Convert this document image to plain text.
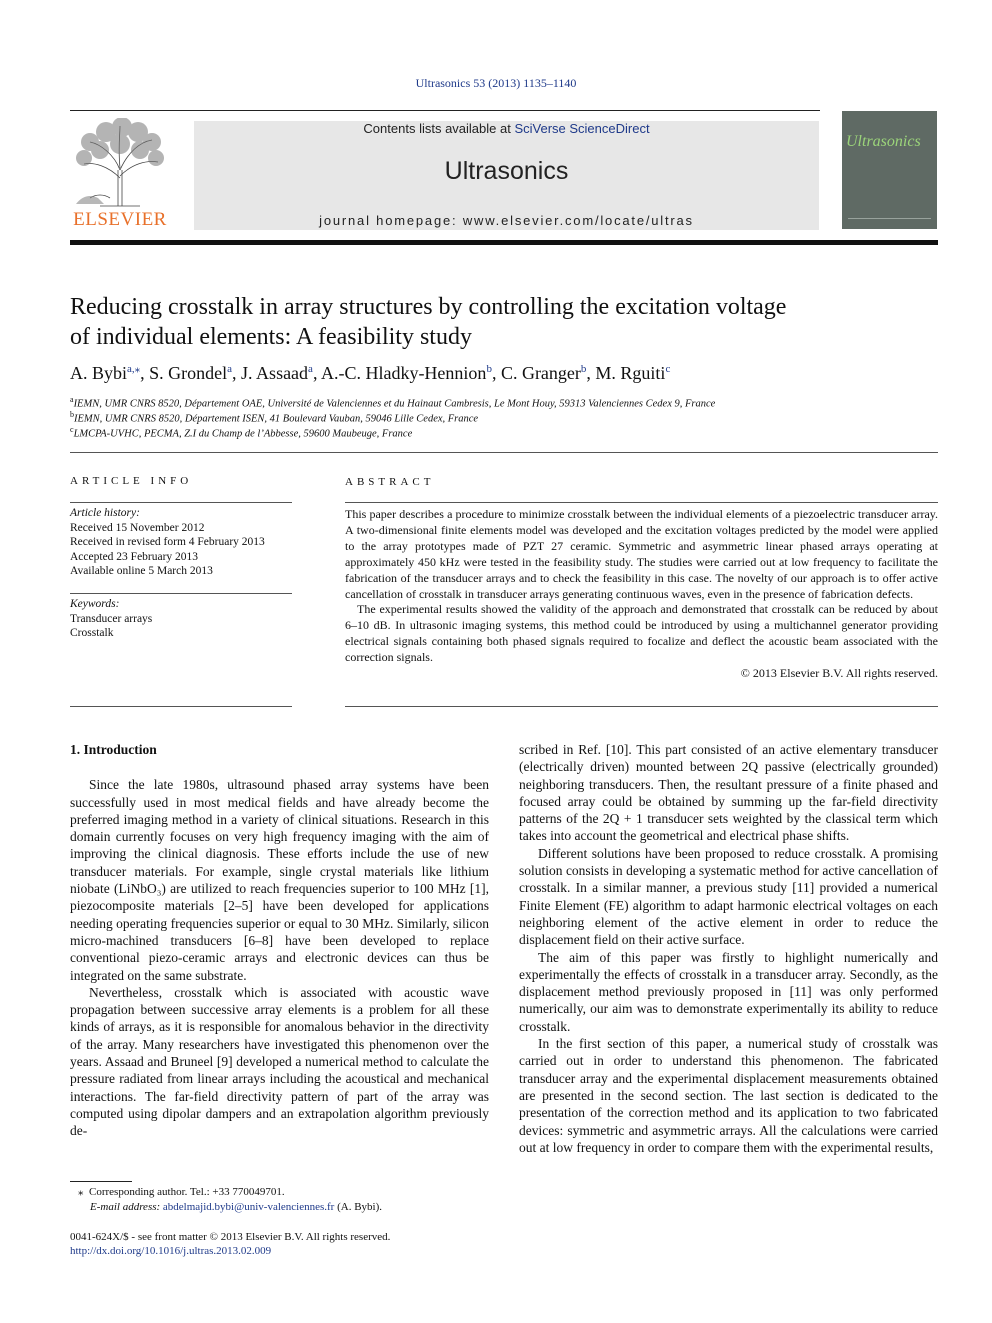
Ultrasonics 53 (2013) 1135–1140
ELSEVIER
Contents lists available at SciVerse ScienceDirect
Ultrasonics
journal homepage: www.elsevier.com/locate/ultras
Ultrasonics
Reducing crosstalk in array structures by controlling the excitation voltage
of individual elements: A feasibility study
A. Bybi$^{a,⁎}$, S. Grondel$^a$, J. Assaad$^a$, A.-C. Hladky-Hennion$^b$, C. Granger$^b$, M. Rguiti$^c$
$^a$IEMN, UMR CNRS 8520, Département OAE, Université de Valenciennes et du Hainaut Cambresis, Le Mont Houy, 59313 Valenciennes Cedex 9, France
$^b$IEMN, UMR CNRS 8520, Département ISEN, 41 Boulevard Vauban, 59046 Lille Cedex, France
$^c$LMCPA-UVHC, PECMA, Z.I du Champ de l’Abbesse, 59600 Maubeuge, France
ARTICLE INFO
Article history:
Received 15 November 2012
Received in revised form 4 February 2013
Accepted 23 February 2013
Available online 5 March 2013
Keywords:
Transducer arrays
Crosstalk
ABSTRACT

This paper describes a procedure to minimize crosstalk between the individual elements of a piezoelectric transducer array. A two-dimensional finite elements model was developed and the excitation voltages predicted by the model were applied to the array prototypes made of PZT 27 ceramic. Symmetric and asymmetric linear phased arrays operating at approximately 450 kHz were tested in the feasibility study. The studies were carried out at low frequency to facilitate the fabrication of the transducer arrays and to check the feasibility in this case. The novelty of our approach is to offer active cancellation of crosstalk in transducer arrays generating continuous waves, even in the presence of fabrication defects.

The experimental results showed the validity of the approach and demonstrated that crosstalk can be reduced by about 6–10 dB. In ultrasonic imaging systems, this method could be introduced by using a multichannel generator providing electrical signals containing both phased signals required to focalize and deflect the acoustic beam associated with the correction signals.

© 2013 Elsevier B.V. All rights reserved.
1. Introduction

Since the late 1980s, ultrasound phased array systems have been successfully used in most medical fields and have already become the preferred imaging method in a variety of clinical situations. Research in this domain currently focuses on very high frequency imaging with the aim of improving the clinical diagnosis. These efforts include the use of new transducer materials. For example, single crystal materials like lithium niobate (LiNbO₃) are utilized to reach frequencies superior to 100 MHz [1], piezocomposite materials [2–5] have been developed for applications needing operating frequencies superior or equal to 30 MHz. Similarly, silicon micro-machined transducers [6–8] have been developed to replace conventional piezo-ceramic arrays and electronic devices can thus be integrated on the same substrate.

Nevertheless, crosstalk which is associated with acoustic wave propagation between successive array elements is a problem for all these kinds of arrays, as it is responsible for anomalous behavior in the directivity of the array. Many researchers have investigated this phenomenon over the years. Assaad and Bruneel [9] developed a numerical method to calculate the pressure radiated from linear arrays including the acoustical and mechanical interactions. The far-field directivity pattern of part of the array was computed using dipolar dampers and an extrapolation algorithm previously de-

scribed in Ref. [10]. This part consisted of an active elementary transducer (electrically driven) mounted between 2Q passive (electrically grounded) neighboring transducers. Then, the resultant pressure of a finite phased and focused array could be obtained by summing up the far-field directivity patterns of the 2Q + 1 transducer sets weighted by the classical term which takes into account the geometrical and electrical phase shifts.

Different solutions have been proposed to reduce crosstalk. A promising solution consists in developing a systematic method for active cancellation of crosstalk. In a similar manner, a previous study [11] provided a numerical Finite Element (FE) algorithm to adapt harmonic electrical voltages on each neighboring element of the active element in order to reduce the displacement field on their active surface.

The aim of this paper was firstly to highlight numerically and experimentally the effects of crosstalk in a transducer array. Secondly, as the displacement method previously proposed in [11] was only performed numerically, our aim was to demonstrate experimentally its ability to reduce crosstalk.

In the first section of this paper, a numerical study of crosstalk was carried out in order to understand this phenomenon. The fabricated transducer array and the experimental displacement measurements obtained are presented in the second section. The last section is dedicated to the presentation of the correction method and its application to two fabricated devices: symmetric and asymmetric arrays. All the calculations were carried out at low frequency in order to compare them with the experimental results,

⁎ Corresponding author. Tel.: +33 770049701.
E-mail address: abdelmajid.bybi@univ-valenciennes.fr (A. Bybi).
0041-624X/$ - see front matter © 2013 Elsevier B.V. All rights reserved.
http://dx.doi.org/10.1016/j.ultras.2013.02.009
